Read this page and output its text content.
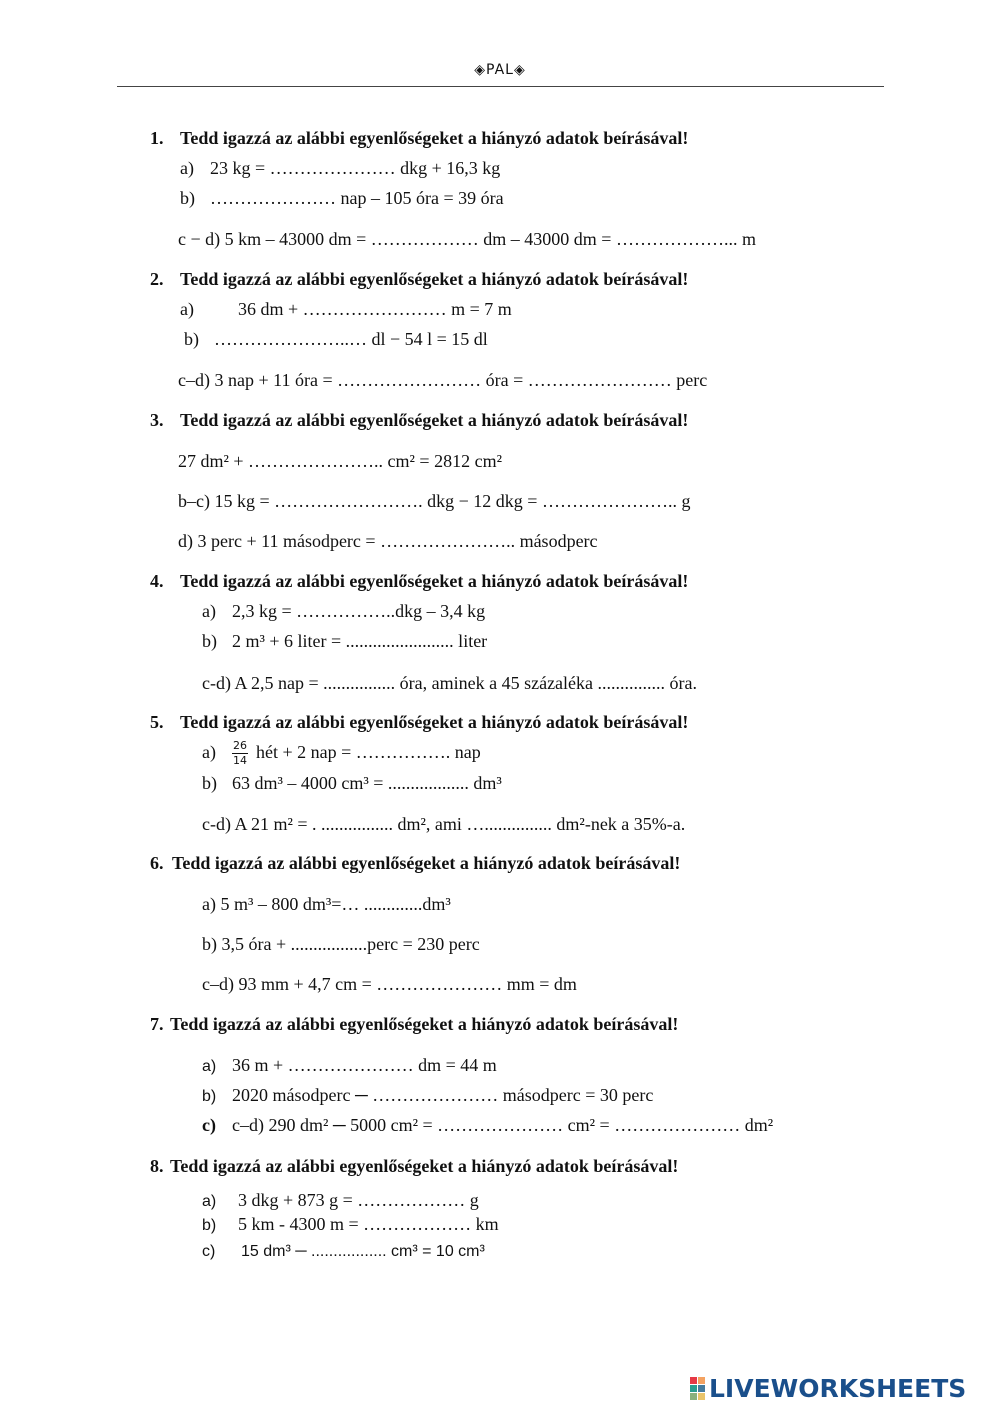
◈PAL◈
1. Tedd igazzá az alábbi egyenlőségeket a hiányzó adatok beírásával!
a) 23 kg = ………………… dkg + 16,3 kg
b) ………………… nap – 105 óra = 39 óra
c − d) 5 km – 43000 dm = ……………… dm – 43000 dm = ………………... m
2. Tedd igazzá az alábbi egyenlőségeket a hiányzó adatok beírásával!
a) 36 dm + …………………… m = 7 m
b) …………………..… dl − 54 l = 15 dl
c–d) 3 nap + 11 óra = …………………… óra = …………………… perc
3. Tedd igazzá az alábbi egyenlőségeket a hiányzó adatok beírásával!
27 dm² + ………………….. cm² = 2812 cm²
b–c) 15 kg = ……………………. dkg − 12 dkg = ………………….. g
d) 3 perc + 11 másodperc = ………………….. másodperc
4. Tedd igazzá az alábbi egyenlőségeket a hiányzó adatok beírásával!
a) 2,3 kg = ……………..dkg – 3,4 kg
b) 2 m³ + 6 liter = ........................ liter
c-d) A 2,5 nap = ................ óra, aminek a 45 százaléka ............... óra.
5. Tedd igazzá az alábbi egyenlőségeket a hiányzó adatok beírásával!
$a) \frac{26}{14}$ hét + 2 nap = ……………. nap
b) 63 dm³ – 4000 cm³ = .................. dm³
c-d) A 21 m² = . ................ dm², ami …............... dm²-nek a 35%-a.
6. Tedd igazzá az alábbi egyenlőségeket a hiányzó adatok beírásával!
a) 5 m³ – 800 dm³=… .............dm³
b) 3,5 óra + .................perc = 230 perc
c–d) 93 mm + 4,7 cm = ………………… mm = dm
7. Tedd igazzá az alábbi egyenlőségeket a hiányzó adatok beírásával!
a) 36 m + ………………… dm = 44 m
b) 2020 másodperc ─ ………………… másodperc = 30 perc
c) c–d) 290 dm² ─ 5000 cm² = ………………… cm² = ………………… dm²
8. Tedd igazzá az alábbi egyenlőségeket a hiányzó adatok beírásával!
a) 3 dkg + 873 g = ……………… g
b) 5 km - 4300 m = ……………… km
c) 15 dm³ ─ ................. cm³ = 10 cm³
LIVEWORKSHEETS
